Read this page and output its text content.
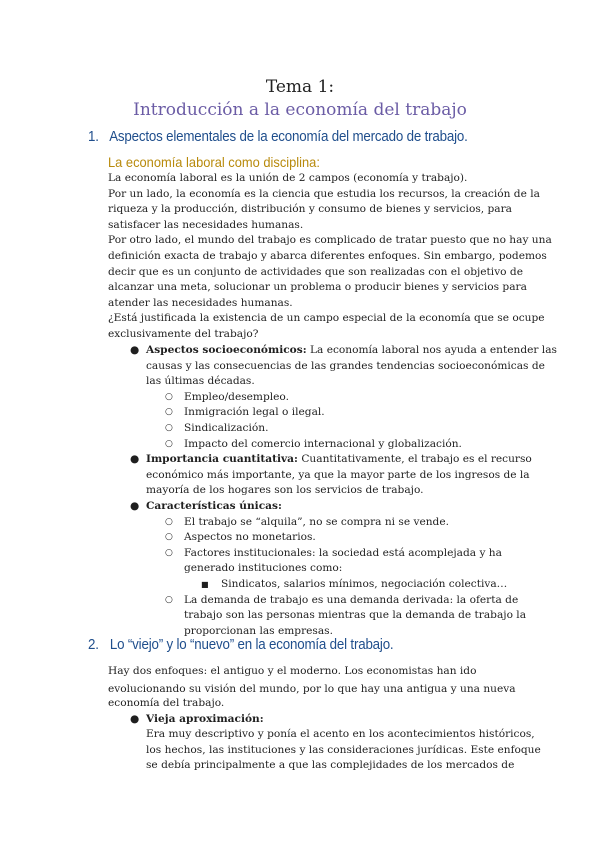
Tema 1:
Introducción a la economía del trabajo
1. Aspectos elementales de la economía del mercado de trabajo.
La economía laboral como disciplina:

La economía laboral es la unión de 2 campos (economía y trabajo).

Por un lado, la economía es la ciencia que estudia los recursos, la creación de la

riqueza y la producción, distribución y consumo de bienes y servicios, para

satisfacer las necesidades humanas.

Por otro lado, el mundo del trabajo es complicado de tratar puesto que no hay una

definición exacta de trabajo y abarca diferentes enfoques. Sin embargo, podemos

decir que es un conjunto de actividades que son realizadas con el objetivo de

alcanzar una meta, solucionar un problema o producir bienes y servicios para

atender las necesidades humanas.

¿Está justificada la existencia de un campo especial de la economía que se ocupe

exclusivamente del trabajo?

● Aspectos socioeconómicos: La economía laboral nos ayuda a entender las
causas y las consecuencias de las grandes tendencias socioeconómicas de
las últimas décadas.
○ Empleo/desempleo.
○ Inmigración legal o ilegal.
○ Sindicalización.
○ Impacto del comercio internacional y globalización.
● Importancia cuantitativa: Cuantitativamente, el trabajo es el recurso
económico más importante, ya que la mayor parte de los ingresos de la
mayoría de los hogares son los servicios de trabajo.
● Características únicas:
○ El trabajo se “alquila”, no se compra ni se vende.
○ Aspectos no monetarios.
○ Factores institucionales: la sociedad está acomplejada y ha
generado instituciones como:
■ Sindicatos, salarios mínimos, negociación colectiva…
○ La demanda de trabajo es una demanda derivada: la oferta de
trabajo son las personas mientras que la demanda de trabajo la
proporcionan las empresas.
2. Lo “viejo” y lo “nuevo” en la economía del trabajo.

Hay dos enfoques: el antiguo y el moderno. Los economistas han ido

evolucionando su visión del mundo, por lo que hay una antigua y una nueva

economía del trabajo.

● Vieja aproximación:
Era muy descriptivo y ponía el acento en los acontecimientos históricos,
los hechos, las instituciones y las consideraciones jurídicas. Este enfoque
se debía principalmente a que las complejidades de los mercados de
